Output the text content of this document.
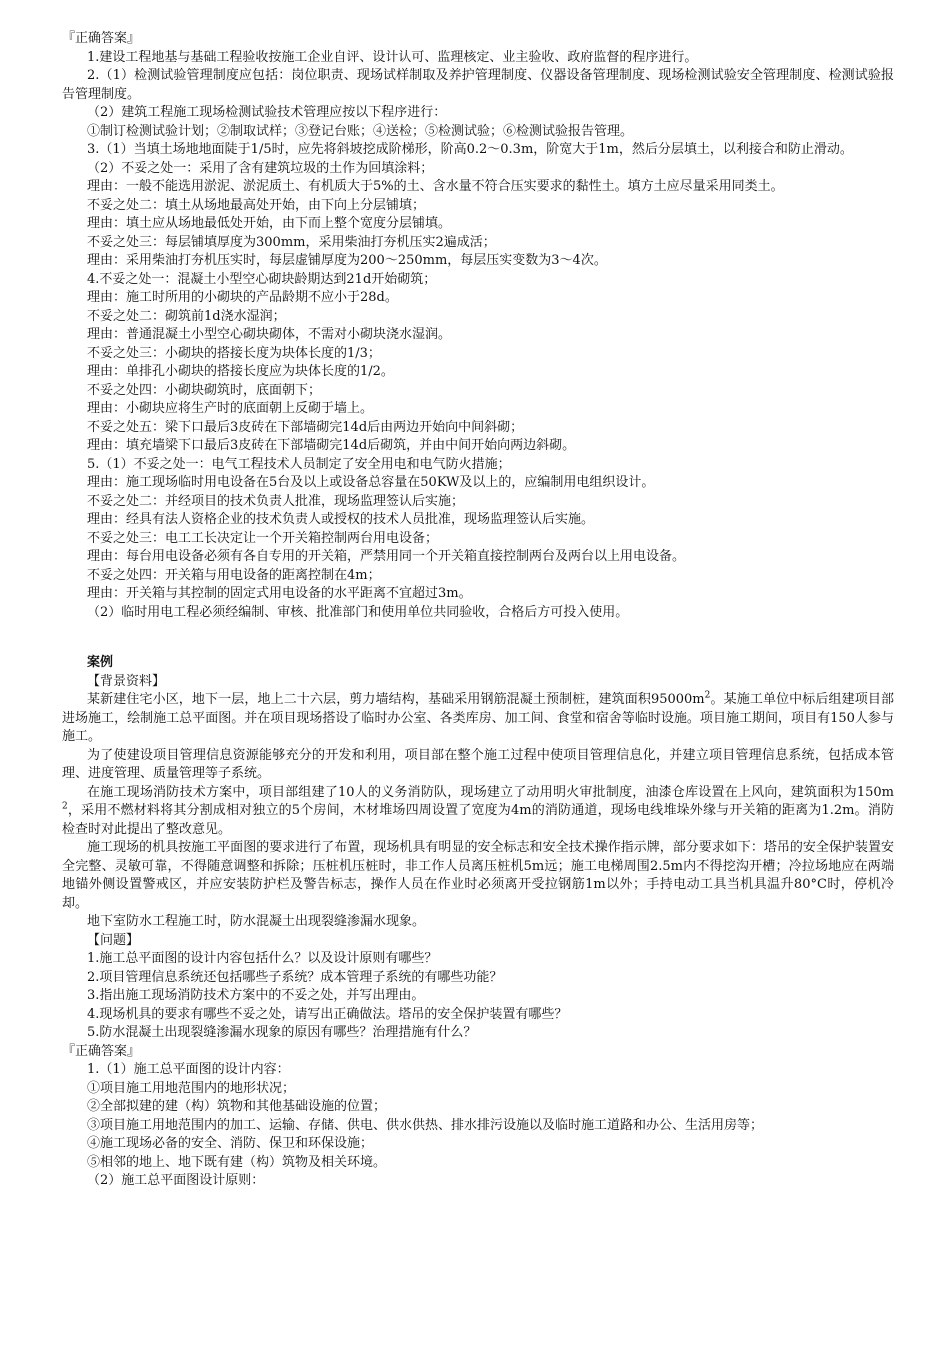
『正确答案』

1.建设工程地基与基础工程验收按施工企业自评、设计认可、监理核定、业主验收、政府监督的程序进行。

2.（1）检测试验管理制度应包括：岗位职责、现场试样制取及养护管理制度、仪器设备管理制度、现场检测试验安全管理制度、检测试验报告管理制度。

（2）建筑工程施工现场检测试验技术管理应按以下程序进行：

①制订检测试验计划；②制取试样；③登记台账；④送检；⑤检测试验；⑥检测试验报告管理。

3.（1）当填土场地地面陡于1/5时，应先将斜坡挖成阶梯形，阶高0.2～0.3m，阶宽大于1m，然后分层填土，以利接合和防止滑动。

（2）不妥之处一：采用了含有建筑垃圾的土作为回填涂料；

理由：一般不能选用淤泥、淤泥质土、有机质大于5%的土、含水量不符合压实要求的黏性土。填方土应尽量采用同类土。

不妥之处二：填土从场地最高处开始，由下向上分层铺填；

理由：填土应从场地最低处开始，由下而上整个宽度分层铺填。

不妥之处三：每层铺填厚度为300mm，采用柴油打夯机压实2遍成活；

理由：采用柴油打夯机压实时，每层虚铺厚度为200～250mm，每层压实变数为3～4次。

4.不妥之处一：混凝土小型空心砌块龄期达到21d开始砌筑；

理由：施工时所用的小砌块的产品龄期不应小于28d。

不妥之处二：砌筑前1d浇水湿润；

理由：普通混凝土小型空心砌块砌体，不需对小砌块浇水湿润。

不妥之处三：小砌块的搭接长度为块体长度的1/3；

理由：单排孔小砌块的搭接长度应为块体长度的1/2。

不妥之处四：小砌块砌筑时，底面朝下；

理由：小砌块应将生产时的底面朝上反砌于墙上。

不妥之处五：梁下口最后3皮砖在下部墙砌完14d后由两边开始向中间斜砌；

理由：填充墙梁下口最后3皮砖在下部墙砌完14d后砌筑，并由中间开始向两边斜砌。

5.（1）不妥之处一：电气工程技术人员制定了安全用电和电气防火措施；

理由：施工现场临时用电设备在5台及以上或设备总容量在50KW及以上的，应编制用电组织设计。

不妥之处二：并经项目的技术负责人批准，现场监理签认后实施；

理由：经具有法人资格企业的技术负责人或授权的技术人员批准，现场监理签认后实施。

不妥之处三：电工工长决定让一个开关箱控制两台用电设备；

理由：每台用电设备必须有各自专用的开关箱，严禁用同一个开关箱直接控制两台及两台以上用电设备。

不妥之处四：开关箱与用电设备的距离控制在4m；

理由：开关箱与其控制的固定式用电设备的水平距离不宜超过3m。

（2）临时用电工程必须经编制、审核、批准部门和使用单位共同验收，合格后方可投入使用。

案例

【背景资料】

某新建住宅小区，地下一层，地上二十六层，剪力墙结构，基础采用钢筋混凝土预制桩，建筑面积$95000m^2$。某施工单位中标后组建项目部进场施工，绘制施工总平面图。并在项目现场搭设了临时办公室、各类库房、加工间、食堂和宿舍等临时设施。项目施工期间，项目有150人参与施工。

为了使建设项目管理信息资源能够充分的开发和利用，项目部在整个施工过程中使项目管理信息化，并建立项目管理信息系统，包括成本管理、进度管理、质量管理等子系统。

在施工现场消防技术方案中，项目部组建了10人的义务消防队，现场建立了动用明火审批制度，油漆仓库设置在上风向，建筑面积为$150m^2$，采用不燃材料将其分割成相对独立的5个房间，木材堆场四周设置了宽度为4m的消防通道，现场电线堆垛外缘与开关箱的距离为1.2m。消防检查时对此提出了整改意见。

施工现场的机具按施工平面图的要求进行了布置，现场机具有明显的安全标志和安全技术操作指示牌，部分要求如下：塔吊的安全保护装置安全完整、灵敏可靠，不得随意调整和拆除；压桩机压桩时，非工作人员离压桩机5m远；施工电梯周围2.5m内不得挖沟开槽；冷拉场地应在两端地锚外侧设置警戒区，并应安装防护栏及警告标志，操作人员在作业时必须离开受拉钢筋1m以外；手持电动工具当机具温升80°C时，停机冷却。

地下室防水工程施工时，防水混凝土出现裂缝渗漏水现象。

【问题】

1.施工总平面图的设计内容包括什么？以及设计原则有哪些？

2.项目管理信息系统还包括哪些子系统？成本管理子系统的有哪些功能？

3.指出施工现场消防技术方案中的不妥之处，并写出理由。

4.现场机具的要求有哪些不妥之处，请写出正确做法。塔吊的安全保护装置有哪些？

5.防水混凝土出现裂缝渗漏水现象的原因有哪些？治理措施有什么？

『正确答案』

1.（1）施工总平面图的设计内容：

①项目施工用地范围内的地形状况；

②全部拟建的建（构）筑物和其他基础设施的位置；

③项目施工用地范围内的加工、运输、存储、供电、供水供热、排水排污设施以及临时施工道路和办公、生活用房等；

④施工现场必备的安全、消防、保卫和环保设施；

⑤相邻的地上、地下既有建（构）筑物及相关环境。

（2）施工总平面图设计原则：
